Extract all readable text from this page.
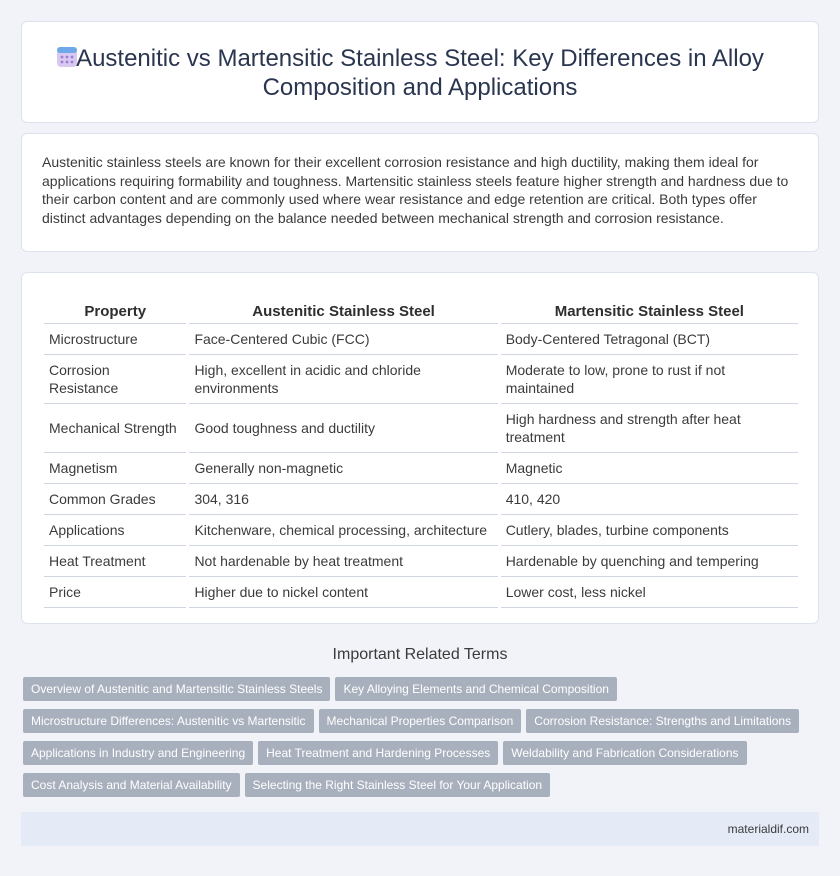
Austenitic vs Martensitic Stainless Steel: Key Differences in Alloy Composition and Applications

Austenitic stainless steels are known for their excellent corrosion resistance and high ductility, making them ideal for applications requiring formability and toughness. Martensitic stainless steels feature higher strength and hardness due to their carbon content and are commonly used where wear resistance and edge retention are critical. Both types offer distinct advantages depending on the balance needed between mechanical strength and corrosion resistance.

Property	Austenitic Stainless Steel	Martensitic Stainless Steel
Microstructure	Face-Centered Cubic (FCC)	Body-Centered Tetragonal (BCT)
Corrosion Resistance	High, excellent in acidic and chloride environments	Moderate to low, prone to rust if not maintained
Mechanical Strength	Good toughness and ductility	High hardness and strength after heat treatment
Magnetism	Generally non-magnetic	Magnetic
Common Grades	304, 316	410, 420
Applications	Kitchenware, chemical processing, architecture	Cutlery, blades, turbine components
Heat Treatment	Not hardenable by heat treatment	Hardenable by quenching and tempering
Price	Higher due to nickel content	Lower cost, less nickel
Important Related Terms
Overview of Austenitic and Martensitic Stainless Steels Key Alloying Elements and Chemical Composition
Microstructure Differences: Austenitic vs Martensitic Mechanical Properties Comparison Corrosion Resistance: Strengths and Limitations
Applications in Industry and Engineering Heat Treatment and Hardening Processes Weldability and Fabrication Considerations
Cost Analysis and Material Availability Selecting the Right Stainless Steel for Your Application
materialdif.com
